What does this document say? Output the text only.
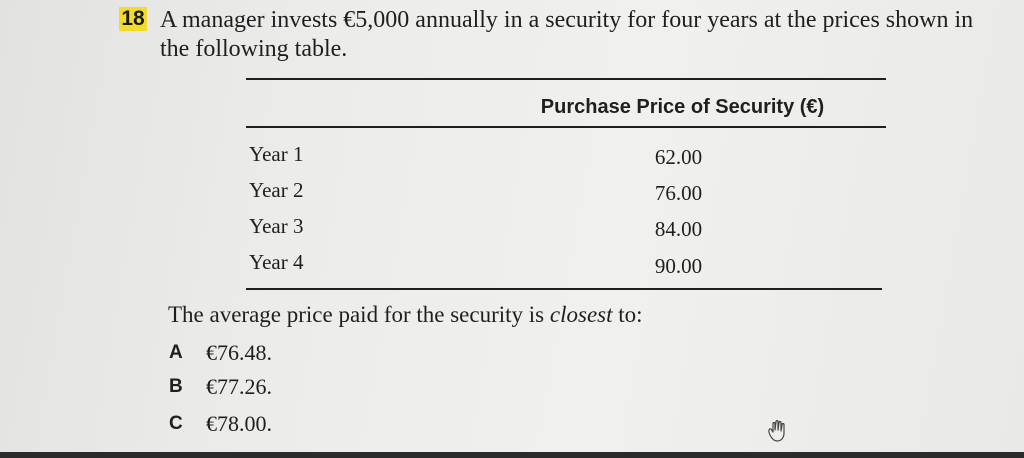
18 A manager invests €5,000 annually in a security for four years at the prices shown in the following table.
Purchase Price of Security (€)
Year 1	62.00
Year 2	76.00
Year 3	84.00
Year 4	90.00
The average price paid for the security is closest to:
A €76.48.
B €77.26.
C €78.00.
